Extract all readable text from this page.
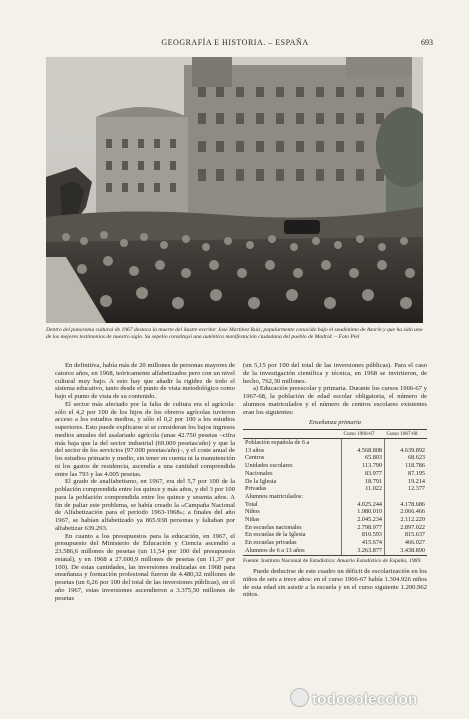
GEOGRAFÍA E HISTORIA. – ESPAÑA	693
Dentro del panorama cultural de 1967 destaca la muerte del ilustre escritor José Martínez Ruiz, popularmente conocido bajo el seudónimo de Azorín y que ha sido uno de los mejores testimonios de nuestro siglo. Su sepelio constituyó una auténtica manifestación ciudadana del pueblo de Madrid. – Foto Piel

En definitiva, había más de 20 millones de personas mayores de catorce años, en 1968, teóricamente alfabetizados pero con un nivel cultural muy bajo. A esto hay que añadir la rigidez de todo el sistema educativo, tanto desde el punto de vista metodológico como bajo el punto de vista de su contenido.

El sector más afectado por la falta de cultura era el agrícola: sólo el 4,2 por 100 de los hijos de los obreros agrícolas tuvieron acceso a los estudios medios, y sólo el 0,2 por 100 a los estudios superiores. Esto puede explicarse si se consideran los bajos ingresos medios anuales del asalariado agrícola (unas 42.750 pesetas –cifra más baja que la del sector industrial (69.000 pesetas/año) y que la del sector de los servicios (97.000 pesetas/año)–, y el coste anual de los estudios primario y medio, sin tener en cuenta ni la manutención ni los gastos de residencia, ascendía a una cantidad comprendida entre las 793 y las 4.005 pesetas.

El grado de analfabetismo, en 1967, era del 5,7 por 100 de la población comprendida entre los quince y más años, y del 3 por 100 para la población comprendida entre los quince y sesenta años. A fin de paliar este problema, se había creado la «Campaña Nacional de Alfabetización para el periodo 1963-1968»; a finales del año 1967, se habían alfabetizado ya 865.938 personas y faltaban por alfabetizar 639.293.

En cuanto a los presupuestos para la educación, en 1967, el presupuesto del Ministerio de Educación y Ciencia ascendió a 23.586,6 millones de pesetas (un 11,54 por 100 del presupuesto estatal), y en 1968 a 27.600,9 millones de pesetas (un 11,37 por 100). De estas cantidades, las inversiones realizadas en 1968 para enseñanza y formación profesional fueron de 4.480,32 millones de pesetas (un 6,26 por 100 del total de las inversiones públicas), en el año 1967, estas inversiones ascendieron a 3.375,50 millones de pesetas

(un 5,15 por 100 del total de las inversiones públicas). Para el caso de la investigación científica y técnica, en 1968 se invirtieron, de hecho, 762,30 millones.

a) Educación preescolar y primaria. Durante los cursos 1966-67 y 1967-68, la población de edad escolar obligatoria, el número de alumnos matriculados y el número de centros escolares existentes eran los siguientes:

Enseñanza primaria
	Curso 1966-67	Curso 1967-68
Población española de 6 a		
13 años	4.568.808	4.639.892
Centros	65.803	68.623
Unidades escolares	113.790	118.786
Nacionales	83.977	87.195
De la Iglesia	18.791	19.214
Privadas	11.022	12.377
Alumnos matriculados:		
Total	4.025.244	4.178.686
Niños	1.980.010	2.066.466
Niñas	2.045.234	2.112.220

En escuelas nacionales	2.798.977	2.897.022
En escuelas de la Iglesia	810.593	815.637
En escuelas privadas	415.674	466.027
Alumnos de 6 a 13 años	3.263.877	3.438.890
Fuente: Instituto Nacional de Estadística: Anuario Estadístico de España, 1969.

Puede deducirse de este cuadro un déficit de escolarización en los niños de seis a trece años: en el curso 1966-67 había 1.304.926 niños de esta edad sin asistir a la escuela y en el curso siguiente 1.200.962 niños.

todocoleccion
